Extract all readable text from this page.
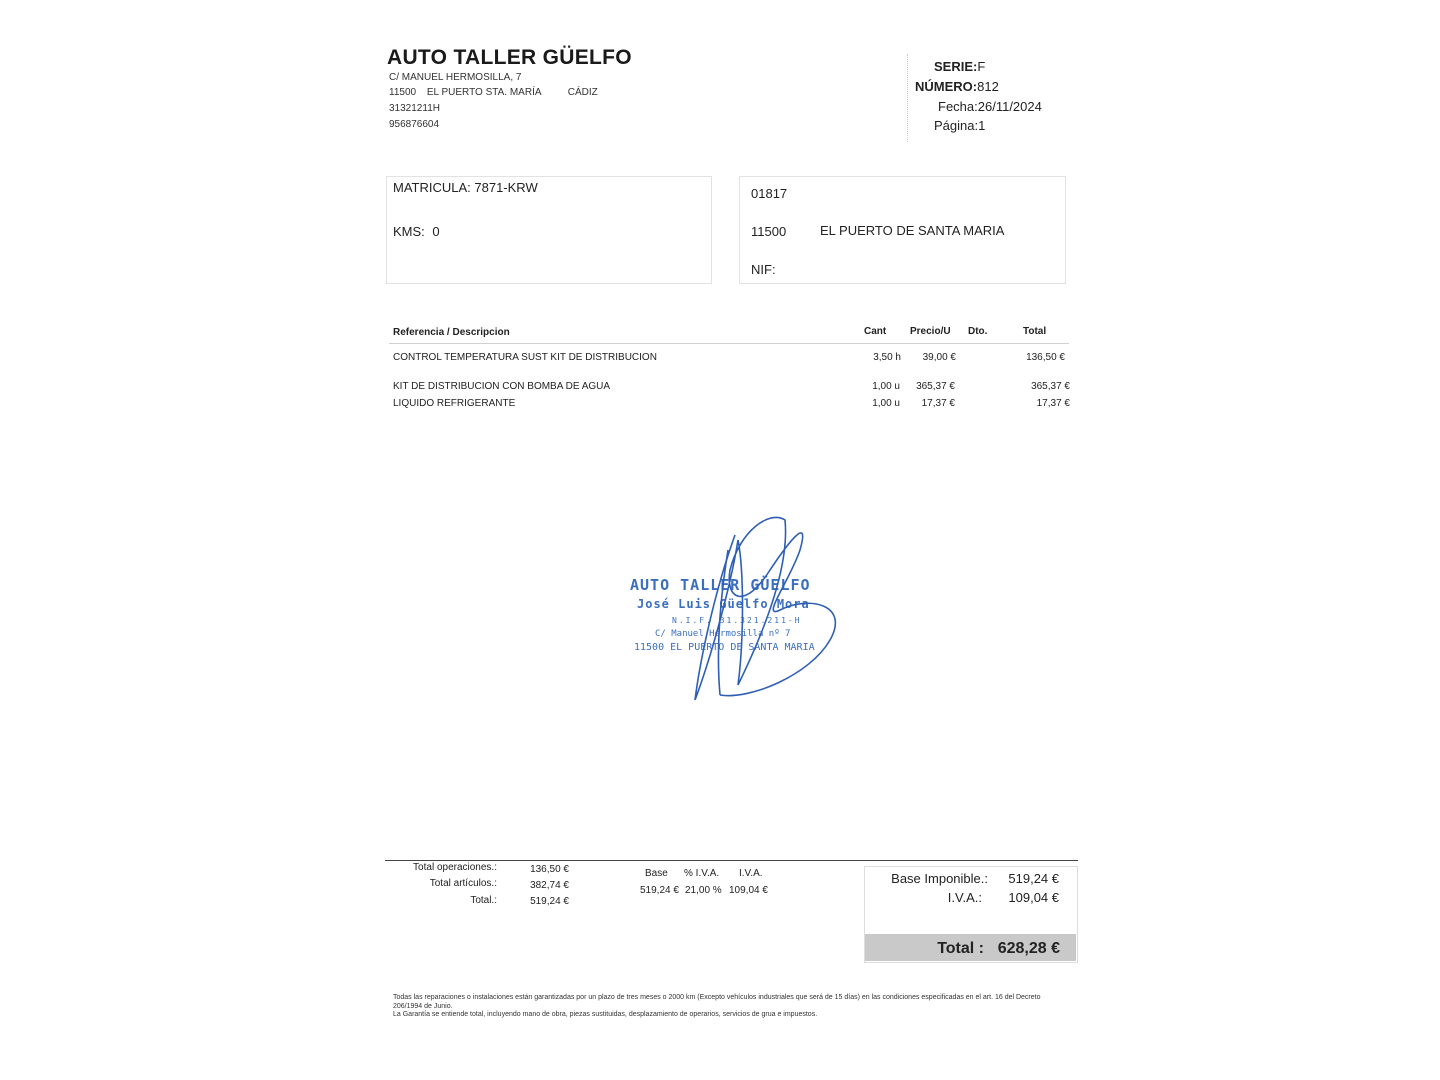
AUTO TALLER GÜELFO
C/ MANUEL HERMOSILLA, 7
11500 EL PUERTO STA. MARÍA	CÁDIZ
31321211H
956876604
SERIE:F
NÚMERO:812
Fecha:26/11/2024
Página:1
MATRICULA: 7871-KRW
KMS: 0
01817
11500	EL PUERTO DE SANTA MARIA
NIF:
Referencia / Descripcion	Cant Precio/U Dto.	Total
CONTROL TEMPERATURA SUST KIT DE DISTRIBUCION	3,50 h	39,00 €	136,50 €
KIT DE DISTRIBUCION CON BOMBA DE AGUA	1,00 u	365,37 €	365,37 €
LIQUIDO REFRIGERANTE	1,00 u	17,37 €	17,37 €
AUTO TALLER GÜELFO
José Luis Güelfo Mora
N.I.F. 31.321.211-H
C/ Manuel Hermosilla nº 7
11500 EL PUERTO DE SANTA MARIA
Total operaciones.:	136,50 €
Total artículos.:	382,74 €
Total.:	519,24 €
Base % I.V.A. I.V.A.
519,24 € 21,00 % 109,04 €
Base Imponible.:	519,24 €
I.V.A.:	109,04 €
Total : 628,28 €
Todas las reparaciones o instalaciones están garantizadas por un plazo de tres meses o 2000 km (Excepto vehículos industriales que será de 15 días) en las condiciones especificadas en el art. 16 del Decreto
206/1994 de Junio.
La Garantía se entiende total, incluyendo mano de obra, piezas sustituidas, desplazamiento de operarios, servicios de grua e impuestos.
